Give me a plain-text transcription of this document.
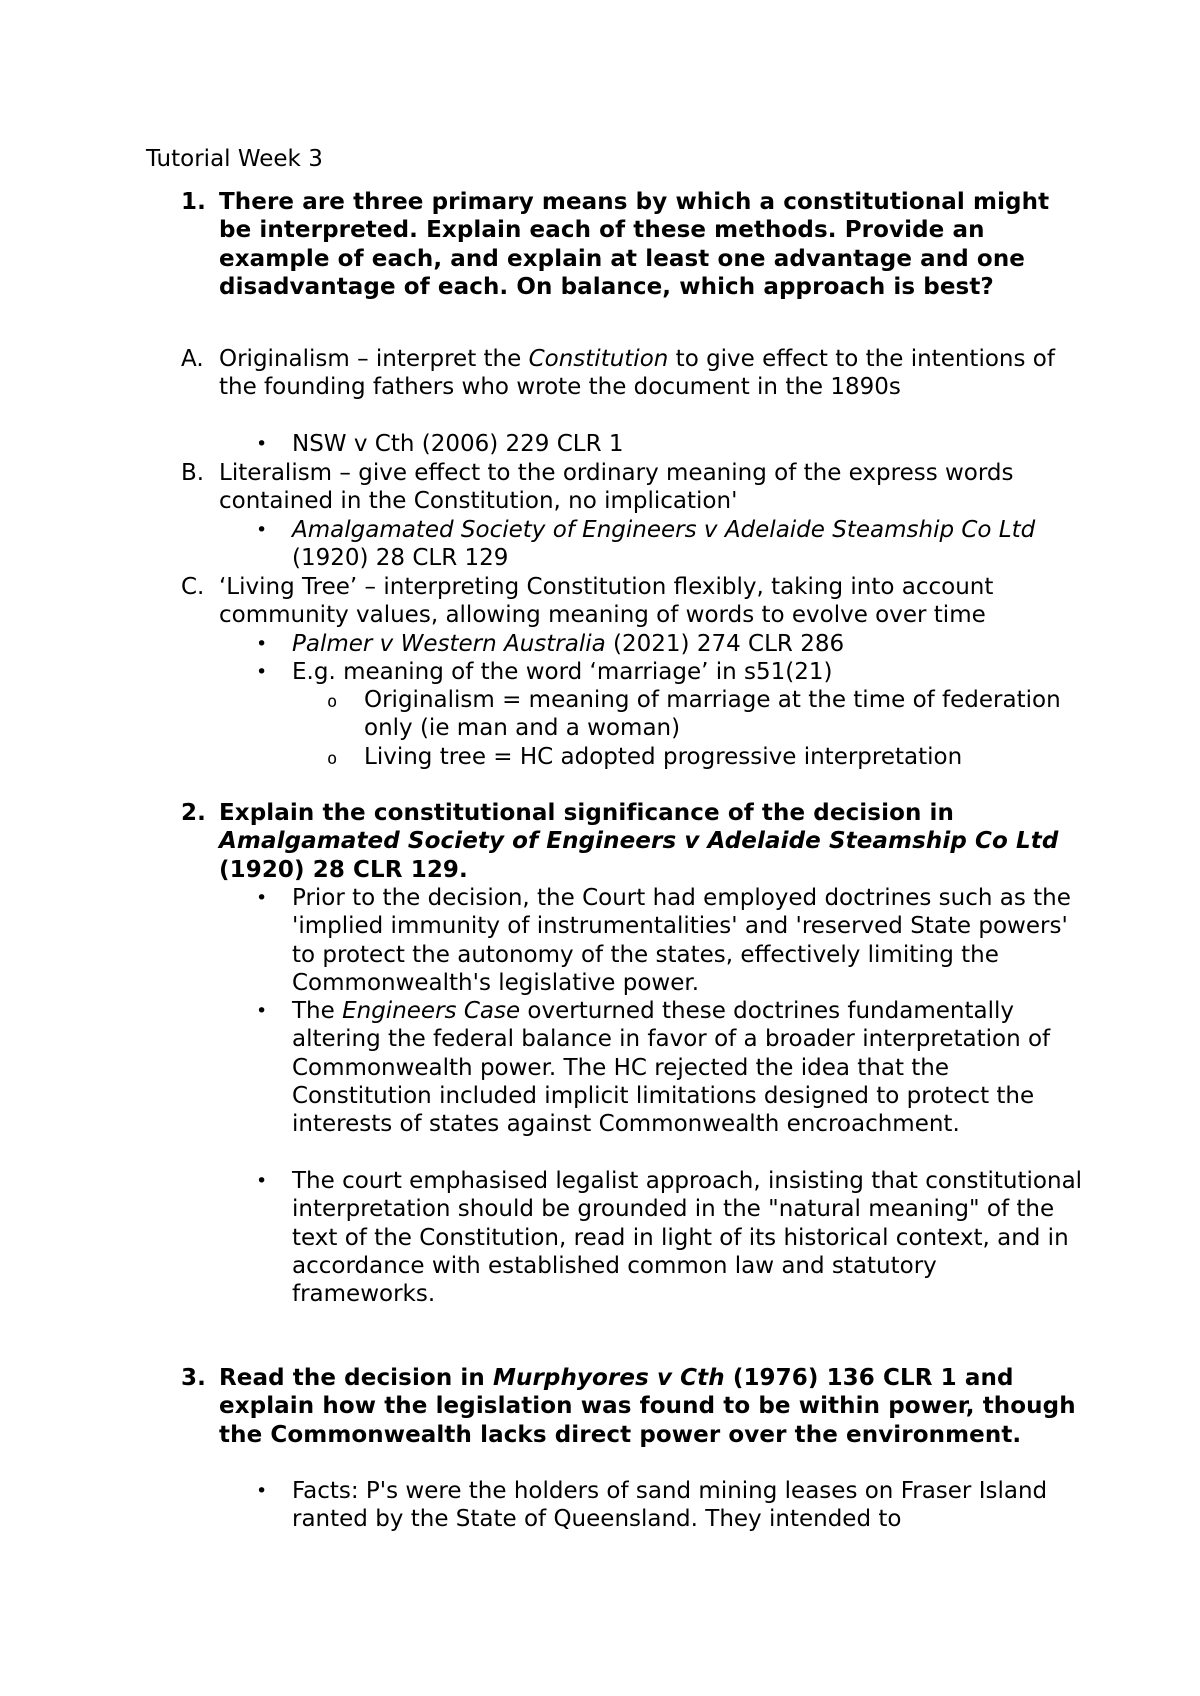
Tutorial Week 3
1. There are three primary means by which a constitutional might be interpreted. Explain each of these methods. Provide an example of each, and explain at least one advantage and one disadvantage of each. On balance, which approach is best?
A. Originalism – interpret the Constitution to give effect to the intentions of the founding fathers who wrote the document in the 1890s
• NSW v Cth (2006) 229 CLR 1
B. Literalism – give effect to the ordinary meaning of the express words contained in the Constitution, no implication'
• Amalgamated Society of Engineers v Adelaide Steamship Co Ltd (1920) 28 CLR 129
C. ‘Living Tree’ – interpreting Constitution flexibly, taking into account community values, allowing meaning of words to evolve over time
• Palmer v Western Australia (2021) 274 CLR 286
• E.g. meaning of the word ‘marriage’ in s51(21)
o Originalism = meaning of marriage at the time of federation only (ie man and a woman)
o Living tree = HC adopted progressive interpretation
2. Explain the constitutional significance of the decision in Amalgamated Society of Engineers v Adelaide Steamship Co Ltd (1920) 28 CLR 129.
• Prior to the decision, the Court had employed doctrines such as the 'implied immunity of instrumentalities' and 'reserved State powers' to protect the autonomy of the states, effectively limiting the Commonwealth's legislative power.
• The Engineers Case overturned these doctrines fundamentally altering the federal balance in favor of a broader interpretation of Commonwealth power. The HC rejected the idea that the Constitution included implicit limitations designed to protect the interests of states against Commonwealth encroachment.
• The court emphasised legalist approach, insisting that constitutional interpretation should be grounded in the "natural meaning" of the text of the Constitution, read in light of its historical context, and in accordance with established common law and statutory frameworks.
3. Read the decision in Murphyores v Cth (1976) 136 CLR 1 and explain how the legislation was found to be within power, though the Commonwealth lacks direct power over the environment.
• Facts: P's were the holders of sand mining leases on Fraser Island ranted by the State of Queensland. They intended to
